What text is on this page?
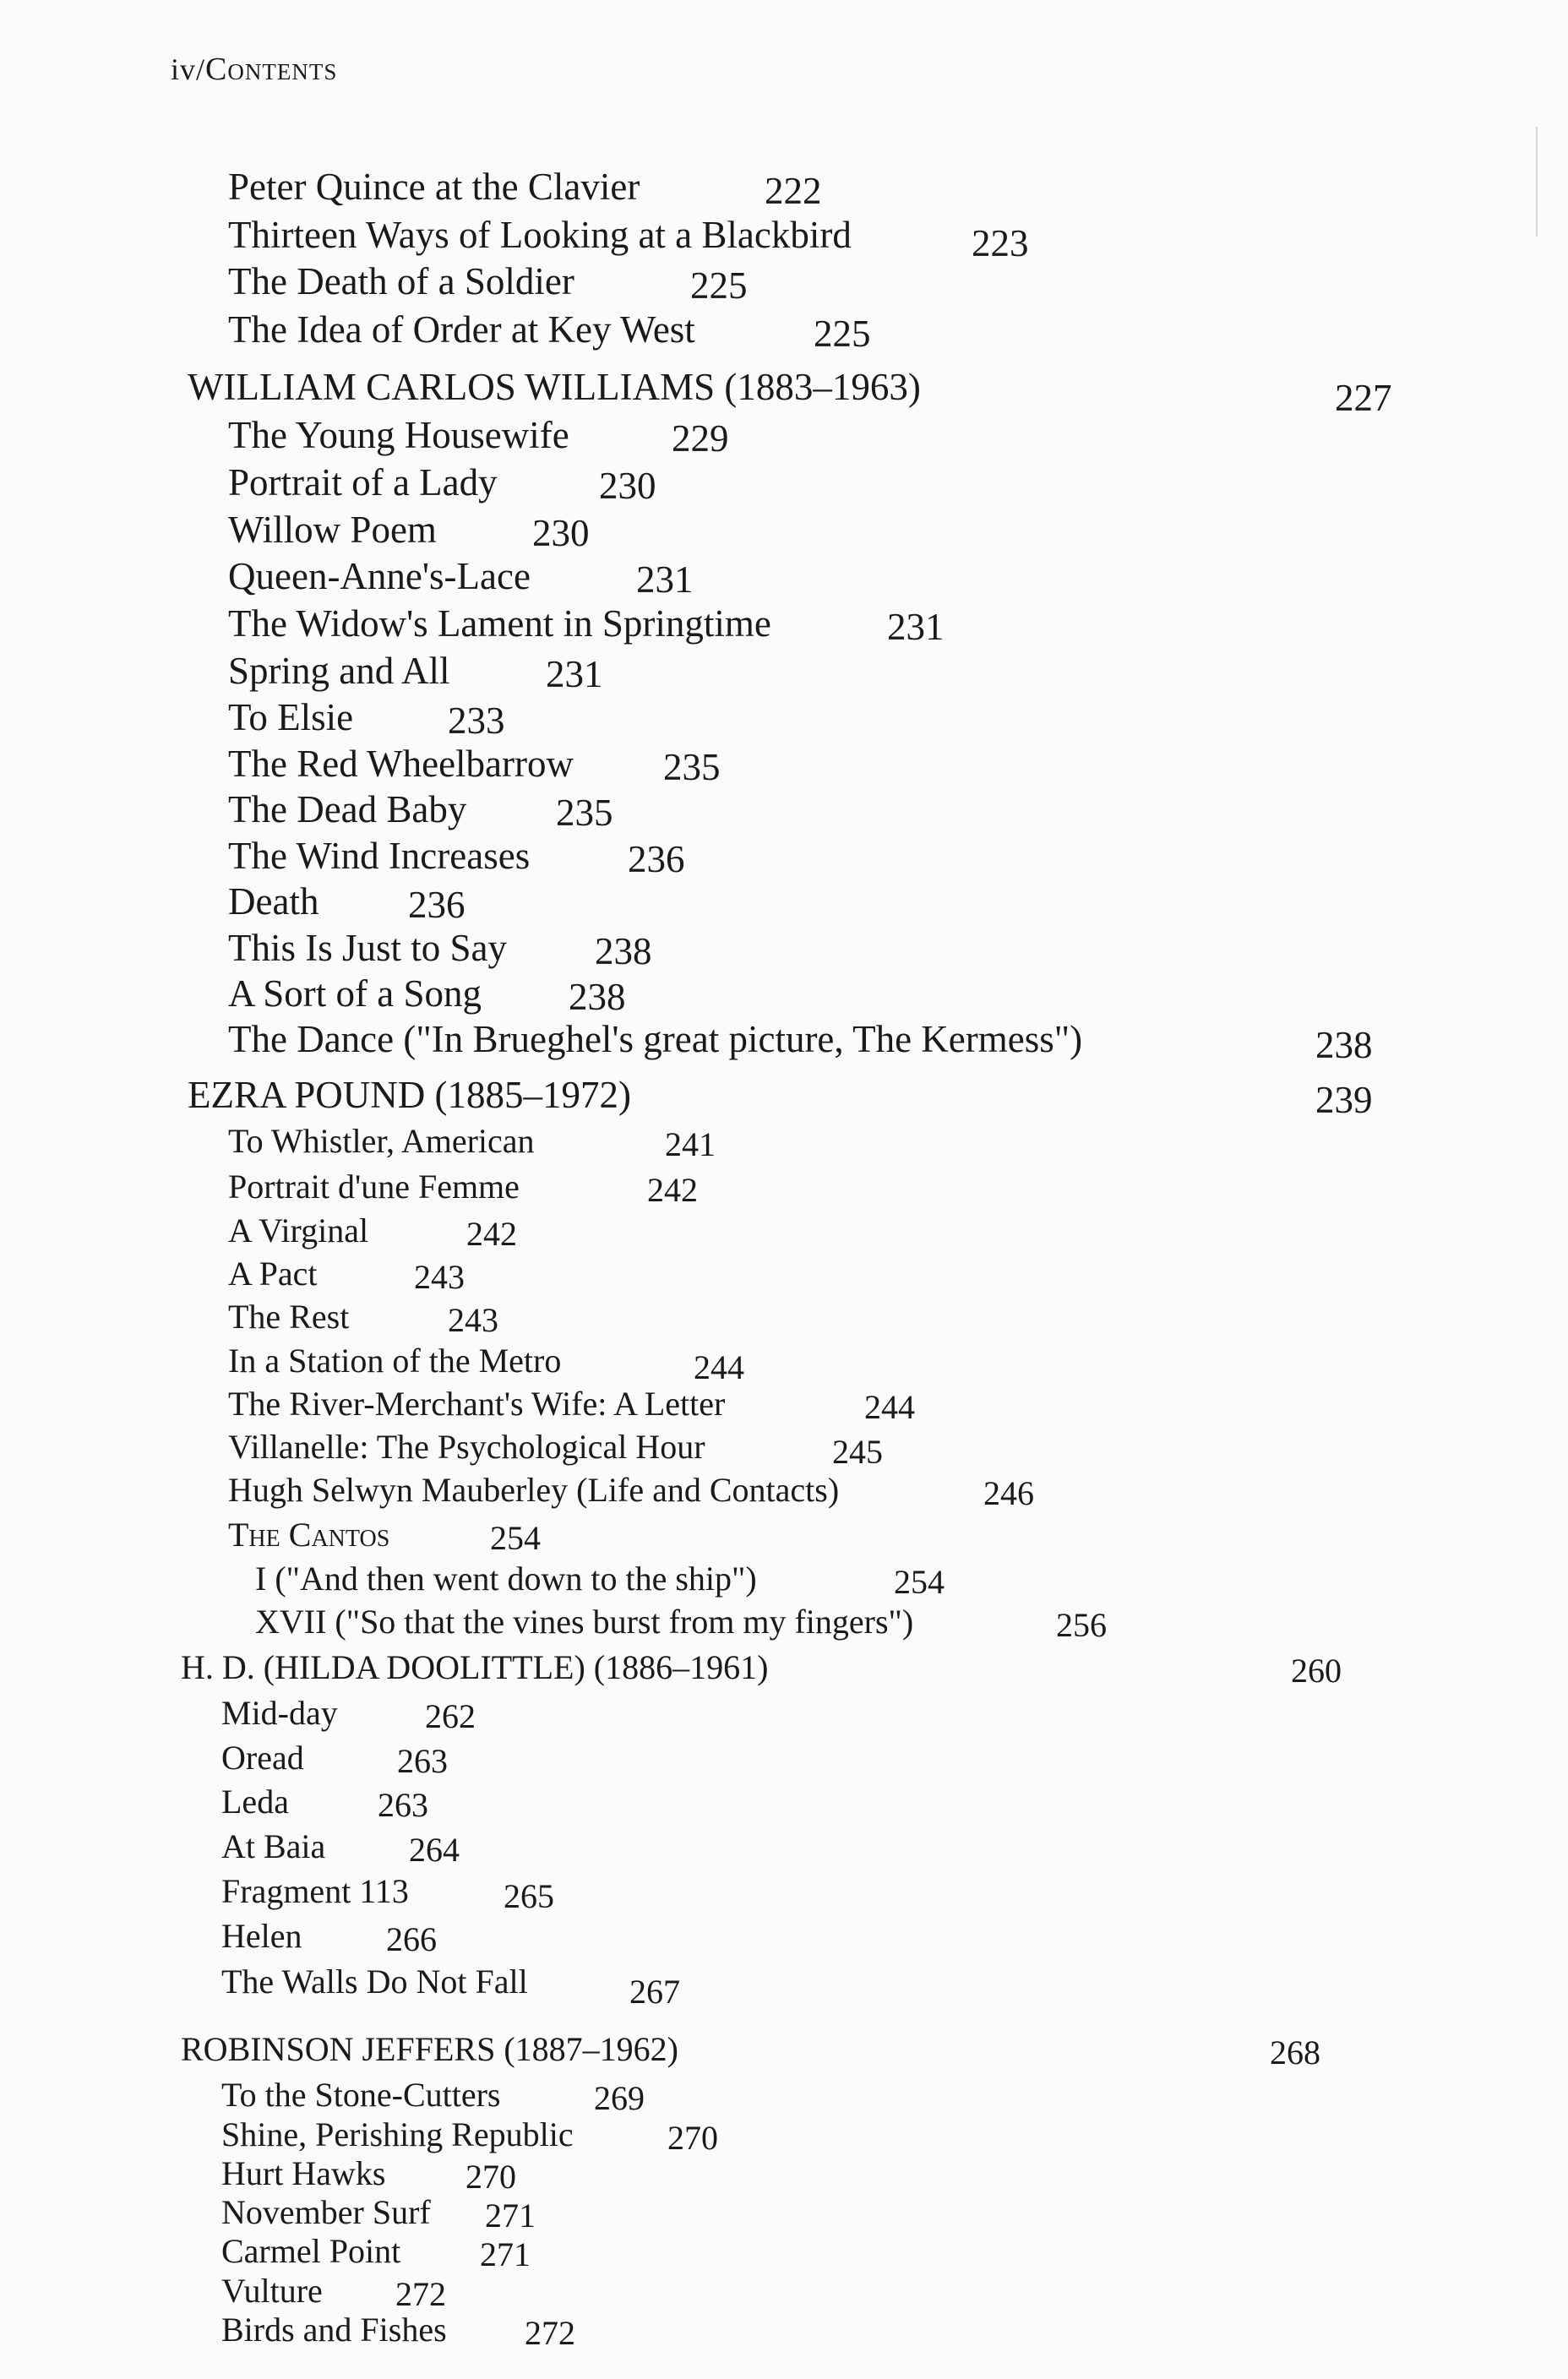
iv/Contents
Peter Quince at the Clavier	222
Thirteen Ways of Looking at a Blackbird	223
The Death of a Soldier	225
The Idea of Order at Key West	225
WILLIAM CARLOS WILLIAMS (1883–1963)	227
The Young Housewife	229
Portrait of a Lady	230
Willow Poem	230
Queen-Anne's-Lace	231
The Widow's Lament in Springtime	231
Spring and All	231
To Elsie 233
The Red Wheelbarrow 235
The Dead Baby 235
The Wind Increases	236
Death 236
This Is Just to Say 238
A Sort of a Song 238
The Dance ("In Brueghel's great picture, The Kermess")	238
EZRA POUND (1885–1972)	239
To Whistler, American	241
Portrait d'une Femme	242
A Virginal	242
A Pact	243
The Rest	243
In a Station of the Metro	244
The River-Merchant's Wife: A Letter	244
Villanelle: The Psychological Hour	245
Hugh Selwyn Mauberley (Life and Contacts)	246
The Cantos	254
I ("And then went down to the ship")	254
XVII ("So that the vines burst from my fingers")	256
H. D. (HILDA DOOLITTLE) (1886–1961)	260
Mid-day	262
Oread	263
Leda	263
At Baia 264
Fragment 113	265
Helen 266
The Walls Do Not Fall	267
ROBINSON JEFFERS (1887–1962)	268
To the Stone-Cutters	269
Shine, Perishing Republic	270
Hurt Hawks 270
November Surf 271
Carmel Point 271
Vulture 272
Birds and Fishes 272
